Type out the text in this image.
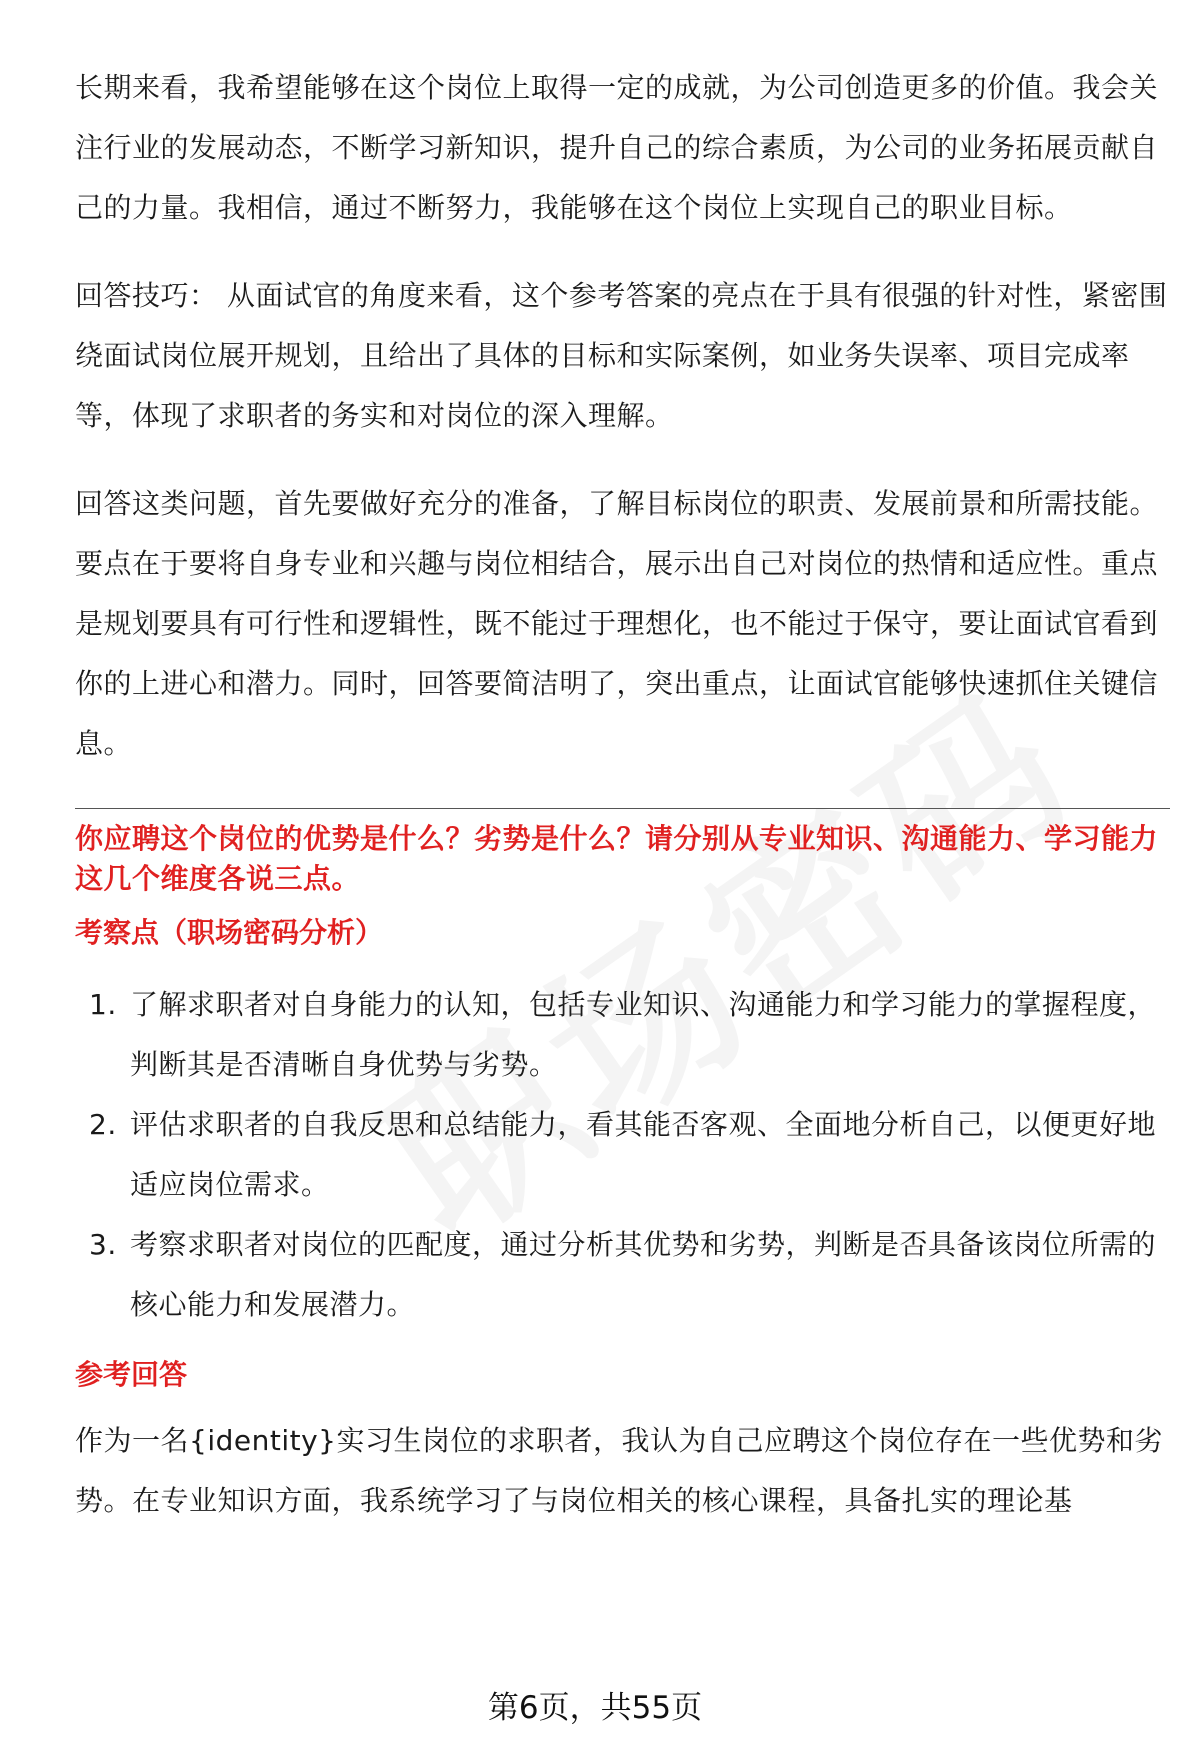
长期来看，我希望能够在这个岗位上取得一定的成就，为公司创造更多的价值。我会关注行业的发展动态，不断学习新知识，提升自己的综合素质，为公司的业务拓展贡献自己的力量。我相信，通过不断努力，我能够在这个岗位上实现自己的职业目标。

回答技巧： 从面试官的角度来看，这个参考答案的亮点在于具有很强的针对性，紧密围绕面试岗位展开规划，且给出了具体的目标和实际案例，如业务失误率、项目完成率等，体现了求职者的务实和对岗位的深入理解。

回答这类问题，首先要做好充分的准备，了解目标岗位的职责、发展前景和所需技能。要点在于要将自身专业和兴趣与岗位相结合，展示出自己对岗位的热情和适应性。重点是规划要具有可行性和逻辑性，既不能过于理想化，也不能过于保守，要让面试官看到你的上进心和潜力。同时，回答要简洁明了，突出重点，让面试官能够快速抓住关键信息。

你应聘这个岗位的优势是什么？劣势是什么？请分别从专业知识、沟通能力、学习能力这几个维度各说三点。

考察点（职场密码分析）

1. 了解求职者对自身能力的认知，包括专业知识、沟通能力和学习能力的掌握程度，判断其是否清晰自身优势与劣势。
2. 评估求职者的自我反思和总结能力，看其能否客观、全面地分析自己，以便更好地适应岗位需求。
3. 考察求职者对岗位的匹配度，通过分析其优势和劣势，判断是否具备该岗位所需的核心能力和发展潜力。

参考回答

作为一名{identity}实习生岗位的求职者，我认为自己应聘这个岗位存在一些优势和劣势。在专业知识方面，我系统学习了与岗位相关的核心课程，具备扎实的理论基

第6页，共55页
